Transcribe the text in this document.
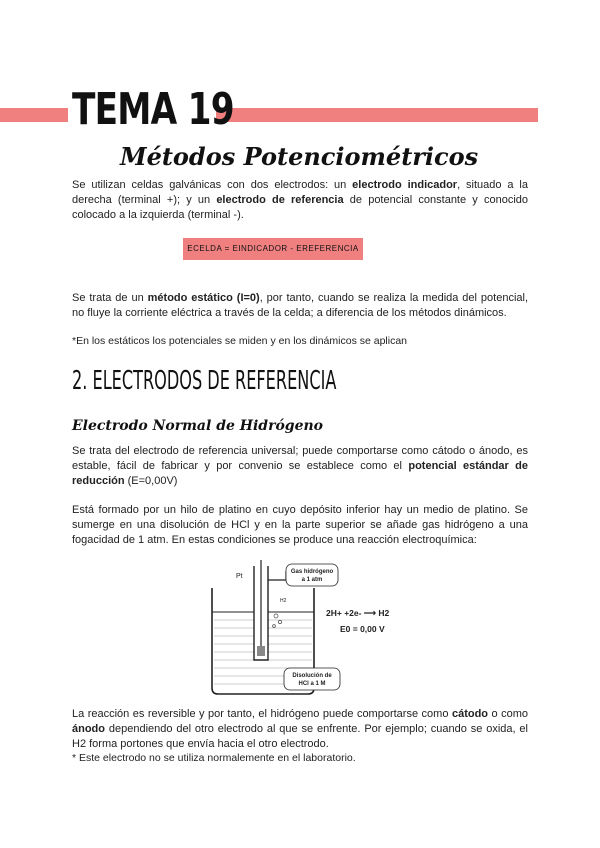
TEMA 19
Métodos Potenciométricos
Se utilizan celdas galvánicas con dos electrodos: un electrodo indicador, situado a la derecha (terminal +); y un electrodo de referencia de potencial constante y conocido colocado a la izquierda (terminal -).
ECELDA = EINDICADOR - EREFERENCIA
Se trata de un método estático (I=0), por tanto, cuando se realiza la medida del potencial, no fluye la corriente eléctrica a través de la celda; a diferencia de los métodos dinámicos.
*En los estáticos los potenciales se miden y en los dinámicos se aplican
2. ELECTRODOS DE REFERENCIA
Electrodo Normal de Hidrógeno
Se trata del electrodo de referencia universal; puede comportarse como cátodo o ánodo, es estable, fácil de fabricar y por convenio se establece como el potencial estándar de reducción (E=0,00V)
Está formado por un hilo de platino en cuyo depósito inferior hay un medio de platino. Se sumerge en una disolución de HCl y en la parte superior se añade gas hidrógeno a una fogacidad de 1 atm. En estas condiciones se produce una reacción electroquímica:
Pt
Gas hidrógeno
a 1 atm
H2
Disolución de
HCl a 1 M
2H+ +2e- ⟶ H2
E0 = 0,00 V
La reacción es reversible y por tanto, el hidrógeno puede comportarse como cátodo o como ánodo dependiendo del otro electrodo al que se enfrente. Por ejemplo; cuando se oxida, el H2 forma portones que envía hacia el otro electrodo.
* Este electrodo no se utiliza normalemente en el laboratorio.
